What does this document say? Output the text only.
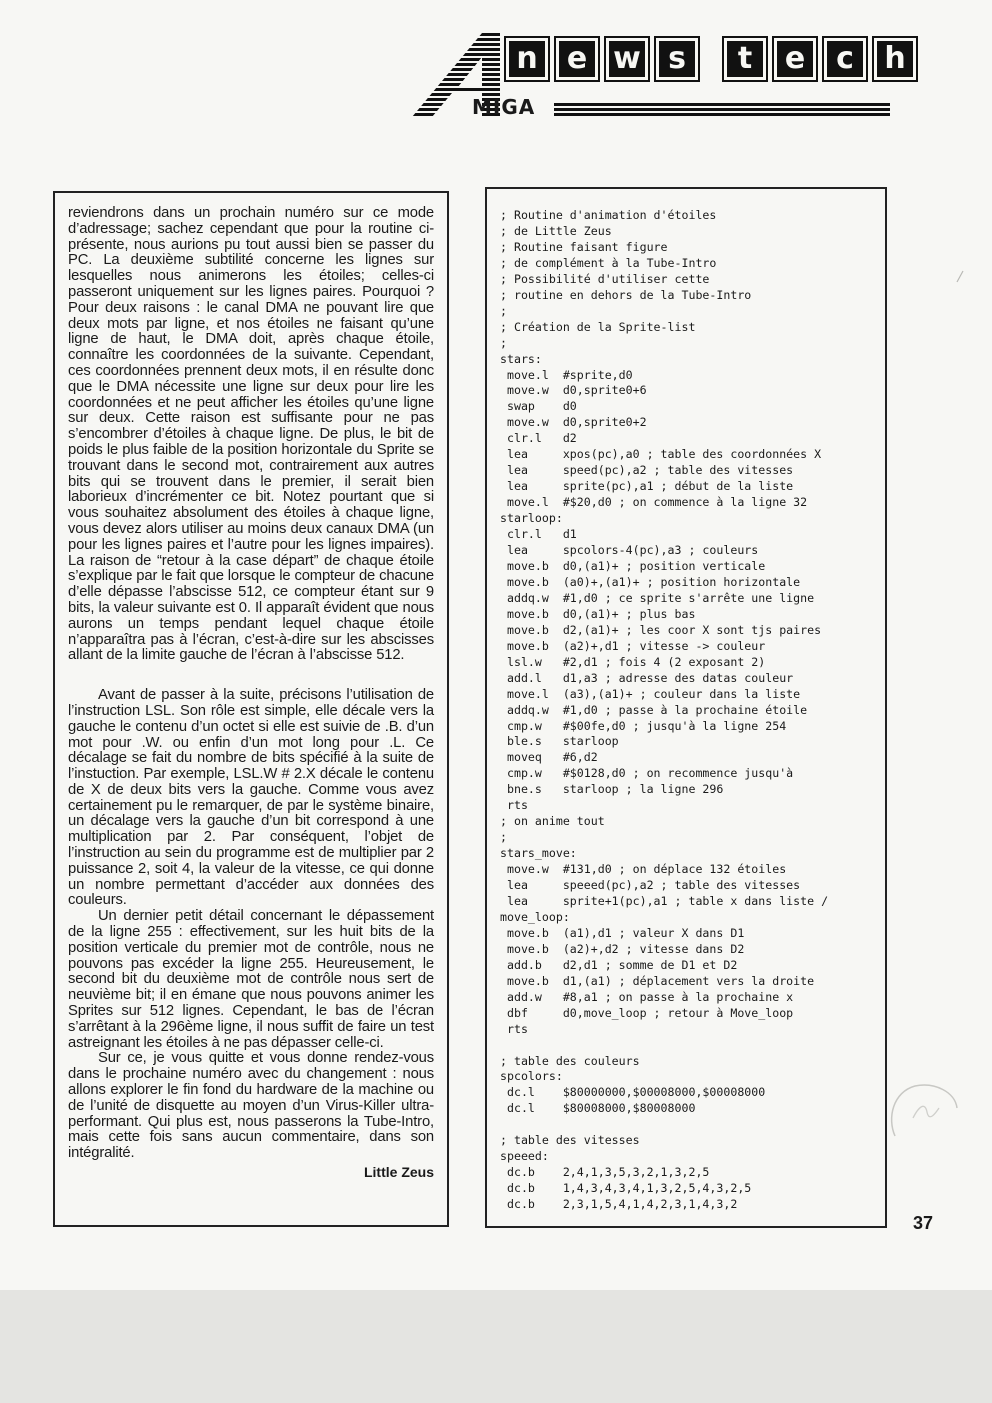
n e w s	t	e	c	h
MIGA

reviendrons dans un prochain numéro sur ce mode d’adressage; sachez cependant que pour la routine ci-présente, nous aurions pu tout aussi bien se passer du PC. La deuxième subtilité concerne les lignes sur lesquelles nous animerons les étoiles; celles-ci passeront uniquement sur les lignes paires. Pourquoi ? Pour deux raisons : le canal DMA ne pouvant lire que deux mots par ligne, et nos étoiles ne faisant qu’une ligne de haut, le DMA doit, après chaque étoile, connaître les coordonnées de la suivante. Cependant, ces coordonnées prennent deux mots, il en résulte donc que le DMA nécessite une ligne sur deux pour lire les coordonnées et ne peut afficher les étoiles qu’une ligne sur deux. Cette raison est suffisante pour ne pas s’encombrer d’étoiles à chaque ligne. De plus, le bit de poids le plus faible de la position horizontale du Sprite se trouvant dans le second mot, contrairement aux autres bits qui se trouvent dans le premier, il serait bien laborieux d’incrémenter ce bit. Notez pourtant que si vous souhaitez absolument des étoiles à chaque ligne, vous devez alors utiliser au moins deux canaux DMA (un pour les lignes paires et l’autre pour les lignes impaires). La raison de “retour à la case départ” de chaque étoile s’explique par le fait que lorsque le compteur de chacune d’elle dépasse l’abscisse 512, ce compteur étant sur 9 bits, la valeur suivante est 0. Il apparaît évident que nous aurons un temps pendant lequel chaque étoile n’apparaîtra pas à l’écran, c’est-à-dire sur les abscisses allant de la limite gauche de l’écran à l’abscisse 512.

Avant de passer à la suite, précisons l’utilisation de l’instruction LSL. Son rôle est simple, elle décale vers la gauche le contenu d’un octet si elle est suivie de .B. d’un mot pour .W. ou enfin d’un mot long pour .L. Ce décalage se fait du nombre de bits spécifié à la suite de l’instuction. Par exemple, LSL.W # 2.X décale le contenu de X de deux bits vers la gauche. Comme vous avez certainement pu le remarquer, de par le système binaire, un décalage vers la gauche d’un bit correspond à une multiplication par 2. Par conséquent, l’objet de l’instruction au sein du programme est de multiplier par 2 puissance 2, soit 4, la valeur de la vitesse, ce qui donne un nombre permettant d’accéder aux données des couleurs.

Un dernier petit détail concernant le dépassement de la ligne 255 : effectivement, sur les huit bits de la position verticale du premier mot de contrôle, nous ne pouvons pas excéder la ligne 255. Heureusement, le second bit du deuxième mot de contrôle nous sert de neuvième bit; il en émane que nous pouvons animer les Sprites sur 512 lignes. Cependant, le bas de l’écran s’arrêtant à la 296ème ligne, il nous suffit de faire un test astreignant les étoiles à ne pas dépasser celle-ci.

Sur ce, je vous quitte et vous donne rendez-vous dans le prochaine numéro avec du changement : nous allons explorer le fin fond du hardware de la machine ou de l’unité de disquette au moyen d’un Virus-Killer ultra-performant. Qui plus est, nous passerons la Tube-Intro, mais cette fois sans aucun commentaire, dans son intégralité.

Little Zeus
; Routine d'animation d'étoiles
; de Little Zeus
; Routine faisant figure
; de complément à la Tube-Intro
; Possibilité d'utiliser cette
; routine en dehors de la Tube-Intro
;
; Création de la Sprite-list
;
stars:
move.l  #sprite,d0
move.w  d0,sprite0+6
swap    d0
move.w  d0,sprite0+2
clr.l   d2
lea     xpos(pc),a0 ; table des coordonnées X
lea     speed(pc),a2 ; table des vitesses
lea     sprite(pc),a1 ; début de la liste
move.l  #$20,d0 ; on commence à la ligne 32
starloop:
clr.l   d1
lea     spcolors-4(pc),a3 ; couleurs
move.b  d0,(a1)+ ; position verticale
move.b  (a0)+,(a1)+ ; position horizontale
addq.w  #1,d0 ; ce sprite s'arrête une ligne
move.b  d0,(a1)+ ; plus bas
move.b  d2,(a1)+ ; les coor X sont tjs paires
move.b  (a2)+,d1 ; vitesse -> couleur
lsl.w   #2,d1 ; fois 4 (2 exposant 2)
add.l   d1,a3 ; adresse des datas couleur
move.l  (a3),(a1)+ ; couleur dans la liste
addq.w  #1,d0 ; passe à la prochaine étoile
cmp.w   #$00fe,d0 ; jusqu'à la ligne 254
ble.s   starloop
moveq   #6,d2
cmp.w   #$0128,d0 ; on recommence jusqu'à
bne.s   starloop ; la ligne 296
rts
; on anime tout
;
stars_move:
move.w  #131,d0 ; on déplace 132 étoiles
lea     speeed(pc),a2 ; table des vitesses
lea     sprite+1(pc),a1 ; table x dans liste /
move_loop:
move.b  (a1),d1 ; valeur X dans D1
move.b  (a2)+,d2 ; vitesse dans D2
add.b   d2,d1 ; somme de D1 et D2
move.b  d1,(a1) ; déplacement vers la droite
add.w   #8,a1 ; on passe à la prochaine x
dbf     d0,move_loop ; retour à Move_loop
rts

; table des couleurs
spcolors:
dc.l    $80000000,$00008000,$00008000
dc.l    $80008000,$80008000

; table des vitesses
speeed:
dc.b    2,4,1,3,5,3,2,1,3,2,5
dc.b    1,4,3,4,3,4,1,3,2,5,4,3,2,5
dc.b    2,3,1,5,4,1,4,2,3,1,4,3,2
37
